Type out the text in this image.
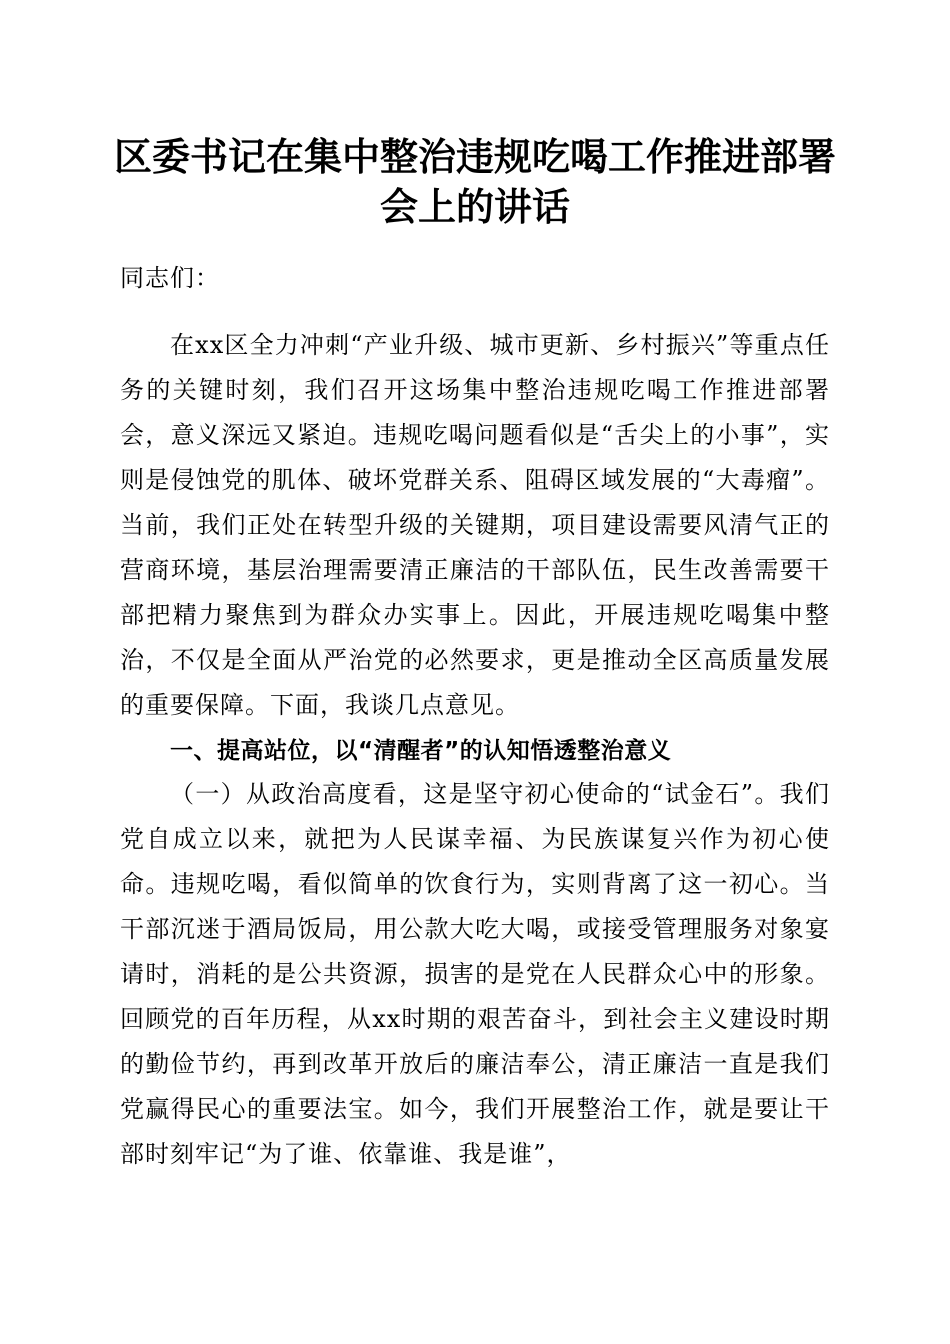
区委书记在集中整治违规吃喝工作推进部署会上的讲话
同志们：
在xx区全力冲刺“产业升级、城市更新、乡村振兴”等重点任务的关键时刻，我们召开这场集中整治违规吃喝工作推进部署会，意义深远又紧迫。违规吃喝问题看似是“舌尖上的小事”，实则是侵蚀党的肌体、破坏党群关系、阻碍区域发展的“大毒瘤”。当前，我们正处在转型升级的关键期，项目建设需要风清气正的营商环境，基层治理需要清正廉洁的干部队伍，民生改善需要干部把精力聚焦到为群众办实事上。因此，开展违规吃喝集中整治，不仅是全面从严治党的必然要求，更是推动全区高质量发展的重要保障。下面，我谈几点意见。
一、提高站位，以“清醒者”的认知悟透整治意义
（一）从政治高度看，这是坚守初心使命的“试金石”。我们党自成立以来，就把为人民谋幸福、为民族谋复兴作为初心使命。违规吃喝，看似简单的饮食行为，实则背离了这一初心。当干部沉迷于酒局饭局，用公款大吃大喝，或接受管理服务对象宴请时，消耗的是公共资源，损害的是党在人民群众心中的形象。回顾党的百年历程，从xx时期的艰苦奋斗，到社会主义建设时期的勤俭节约，再到改革开放后的廉洁奉公，清正廉洁一直是我们党赢得民心的重要法宝。如今，我们开展整治工作，就是要让干部时刻牢记“为了谁、依靠谁、我是谁”，
